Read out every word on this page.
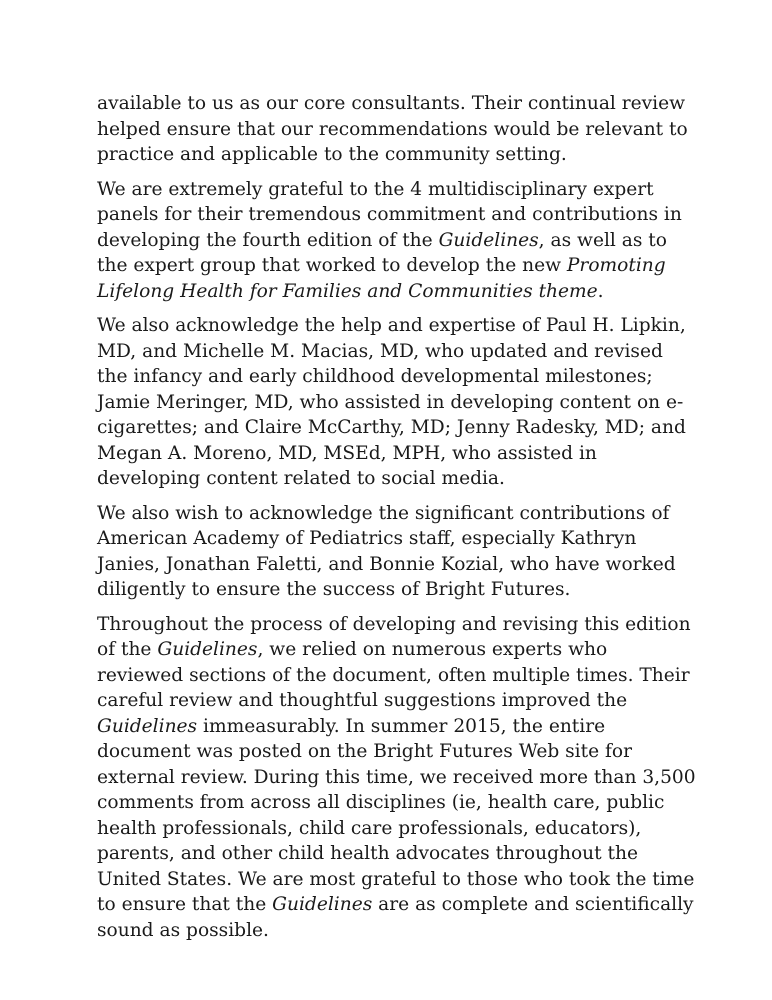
available to us as our core consultants. Their continual review helped ensure that our recommendations would be relevant to practice and applicable to the community setting.

We are extremely grateful to the 4 multidisciplinary expert panels for their tremendous commitment and contributions in developing the fourth edition of the Guidelines, as well as to the expert group that worked to develop the new Promoting Lifelong Health for Families and Communities theme.

We also acknowledge the help and expertise of Paul H. Lipkin, MD, and Michelle M. Macias, MD, who updated and revised the infancy and early childhood developmental milestones; Jamie Meringer, MD, who assisted in developing content on e-cigarettes; and Claire McCarthy, MD; Jenny Radesky, MD; and Megan A. Moreno, MD, MSEd, MPH, who assisted in developing content related to social media.

We also wish to acknowledge the significant contributions of American Academy of Pediatrics staff, especially Kathryn Janies, Jonathan Faletti, and Bonnie Kozial, who have worked diligently to ensure the success of Bright Futures.

Throughout the process of developing and revising this edition of the Guidelines, we relied on numerous experts who reviewed sections of the document, often multiple times. Their careful review and thoughtful suggestions improved the Guidelines immeasurably. In summer 2015, the entire document was posted on the Bright Futures Web site for external review. During this time, we received more than 3,500 comments from across all disciplines (ie, health care, public health professionals, child care professionals, educators), parents, and other child health advocates throughout the United States. We are most grateful to those who took the time to ensure that the Guidelines are as complete and scientifically sound as possible.
